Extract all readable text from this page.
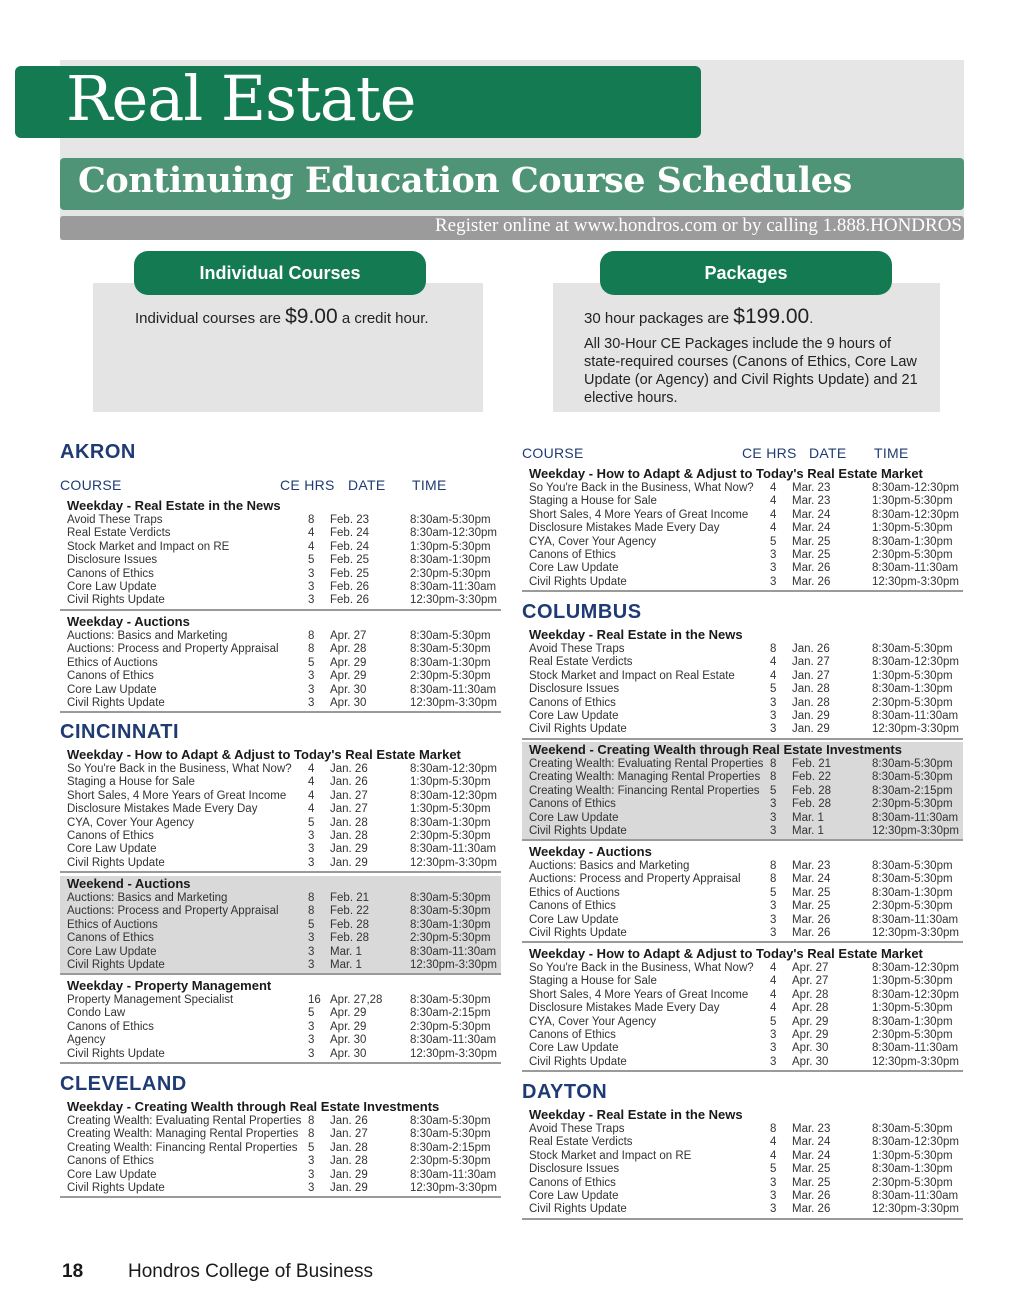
Real Estate
Continuing Education Course Schedules
Register online at www.hondros.com or by calling 1.888.HONDROS
Individual Courses
Individual courses are $9.00 a credit hour.
Packages
30 hour packages are $199.00.
All 30-Hour CE Packages include the 9 hours of state-required courses (Canons of Ethics, Core Law Update (or Agency) and Civil Rights Update) and 21 elective hours.
AKRON
COURSE	CE HRS DATE TIME
Weekday - Real Estate in the News
Avoid These Traps	8 Feb. 23	8:30am-5:30pm
Real Estate Verdicts	4 Feb. 24	8:30am-12:30pm
Stock Market and Impact on RE	4 Feb. 24	1:30pm-5:30pm
Disclosure Issues	5 Feb. 25	8:30am-1:30pm
Canons of Ethics	3 Feb. 25	2:30pm-5:30pm
Core Law Update	3 Feb. 26	8:30am-11:30am
Civil Rights Update	3 Feb. 26	12:30pm-3:30pm
Weekday - Auctions
Auctions: Basics and Marketing	8 Apr. 27	8:30am-5:30pm
Auctions: Process and Property Appraisal	8 Apr. 28	8:30am-5:30pm
Ethics of Auctions	5 Apr. 29	8:30am-1:30pm
Canons of Ethics	3 Apr. 29	2:30pm-5:30pm
Core Law Update	3 Apr. 30	8:30am-11:30am
Civil Rights Update	3 Apr. 30	12:30pm-3:30pm
CINCINNATI
Weekday - How to Adapt & Adjust to Today's Real Estate Market
So You're Back in the Business, What Now? 4 Jan. 26	8:30am-12:30pm
Staging a House for Sale	4 Jan. 26	1:30pm-5:30pm
Short Sales, 4 More Years of Great Income 4 Jan. 27	8:30am-12:30pm
Disclosure Mistakes Made Every Day	4 Jan. 27	1:30pm-5:30pm
CYA, Cover Your Agency	5 Jan. 28	8:30am-1:30pm
Canons of Ethics	3 Jan. 28	2:30pm-5:30pm
Core Law Update	3 Jan. 29	8:30am-11:30am
Civil Rights Update	3 Jan. 29	12:30pm-3:30pm
Weekend - Auctions
Auctions: Basics and Marketing	8 Feb. 21	8:30am-5:30pm
Auctions: Process and Property Appraisal	8 Feb. 22	8:30am-5:30pm
Ethics of Auctions	5 Feb. 28	8:30am-1:30pm
Canons of Ethics	3 Feb. 28	2:30pm-5:30pm
Core Law Update	3 Mar. 1	8:30am-11:30am
Civil Rights Update	3 Mar. 1	12:30pm-3:30pm
Weekday - Property Management
Property Management Specialist	16 Apr. 27,28 8:30am-5:30pm
Condo Law	5 Apr. 29	8:30am-2:15pm
Canons of Ethics	3 Apr. 29	2:30pm-5:30pm
Agency	3 Apr. 30	8:30am-11:30am
Civil Rights Update	3 Apr. 30	12:30pm-3:30pm
CLEVELAND
Weekday - Creating Wealth through Real Estate Investments
Creating Wealth: Evaluating Rental Properties 8 Jan. 26	8:30am-5:30pm
Creating Wealth: Managing Rental Properties 8 Jan. 27	8:30am-5:30pm
Creating Wealth: Financing Rental Properties 5 Jan. 28	8:30am-2:15pm
Canons of Ethics	3 Jan. 28	2:30pm-5:30pm
Core Law Update	3 Jan. 29	8:30am-11:30am
Civil Rights Update	3 Jan. 29	12:30pm-3:30pm
COURSE	CE HRS DATE TIME
Weekday - How to Adapt & Adjust to Today's Real Estate Market
So You're Back in the Business, What Now? 4 Mar. 23	8:30am-12:30pm
Staging a House for Sale	4 Mar. 23	1:30pm-5:30pm
Short Sales, 4 More Years of Great Income 4 Mar. 24	8:30am-12:30pm
Disclosure Mistakes Made Every Day	4 Mar. 24	1:30pm-5:30pm
CYA, Cover Your Agency	5 Mar. 25	8:30am-1:30pm
Canons of Ethics	3 Mar. 25	2:30pm-5:30pm
Core Law Update	3 Mar. 26	8:30am-11:30am
Civil Rights Update	3 Mar. 26	12:30pm-3:30pm
COLUMBUS
Weekday - Real Estate in the News
Avoid These Traps	8 Jan. 26	8:30am-5:30pm
Real Estate Verdicts	4 Jan. 27	8:30am-12:30pm
Stock Market and Impact on Real Estate	4 Jan. 27	1:30pm-5:30pm
Disclosure Issues	5 Jan. 28	8:30am-1:30pm
Canons of Ethics	3 Jan. 28	2:30pm-5:30pm
Core Law Update	3 Jan. 29	8:30am-11:30am
Civil Rights Update	3 Jan. 29	12:30pm-3:30pm
Weekend - Creating Wealth through Real Estate Investments
Creating Wealth: Evaluating Rental Properties 8 Feb. 21	8:30am-5:30pm
Creating Wealth: Managing Rental Properties 8 Feb. 22	8:30am-5:30pm
Creating Wealth: Financing Rental Properties 5 Feb. 28	8:30am-2:15pm
Canons of Ethics	3 Feb. 28	2:30pm-5:30pm
Core Law Update	3 Mar. 1	8:30am-11:30am
Civil Rights Update	3 Mar. 1	12:30pm-3:30pm
Weekday - Auctions
Auctions: Basics and Marketing	8 Mar. 23	8:30am-5:30pm
Auctions: Process and Property Appraisal	8 Mar. 24	8:30am-5:30pm
Ethics of Auctions	5 Mar. 25	8:30am-1:30pm
Canons of Ethics	3 Mar. 25	2:30pm-5:30pm
Core Law Update	3 Mar. 26	8:30am-11:30am
Civil Rights Update	3 Mar. 26	12:30pm-3:30pm
Weekday - How to Adapt & Adjust to Today's Real Estate Market
So You're Back in the Business, What Now? 4 Apr. 27	8:30am-12:30pm
Staging a House for Sale	4 Apr. 27	1:30pm-5:30pm
Short Sales, 4 More Years of Great Income 4 Apr. 28	8:30am-12:30pm
Disclosure Mistakes Made Every Day	4 Apr. 28	1:30pm-5:30pm
CYA, Cover Your Agency	5 Apr. 29	8:30am-1:30pm
Canons of Ethics	3 Apr. 29	2:30pm-5:30pm
Core Law Update	3 Apr. 30	8:30am-11:30am
Civil Rights Update	3 Apr. 30	12:30pm-3:30pm
DAYTON
Weekday - Real Estate in the News
Avoid These Traps	8 Mar. 23	8:30am-5:30pm
Real Estate Verdicts	4 Mar. 24	8:30am-12:30pm
Stock Market and Impact on RE	4 Mar. 24	1:30pm-5:30pm
Disclosure Issues	5 Mar. 25	8:30am-1:30pm
Canons of Ethics	3 Mar. 25	2:30pm-5:30pm
Core Law Update	3 Mar. 26	8:30am-11:30am
Civil Rights Update	3 Mar. 26	12:30pm-3:30pm
18 Hondros College of Business
